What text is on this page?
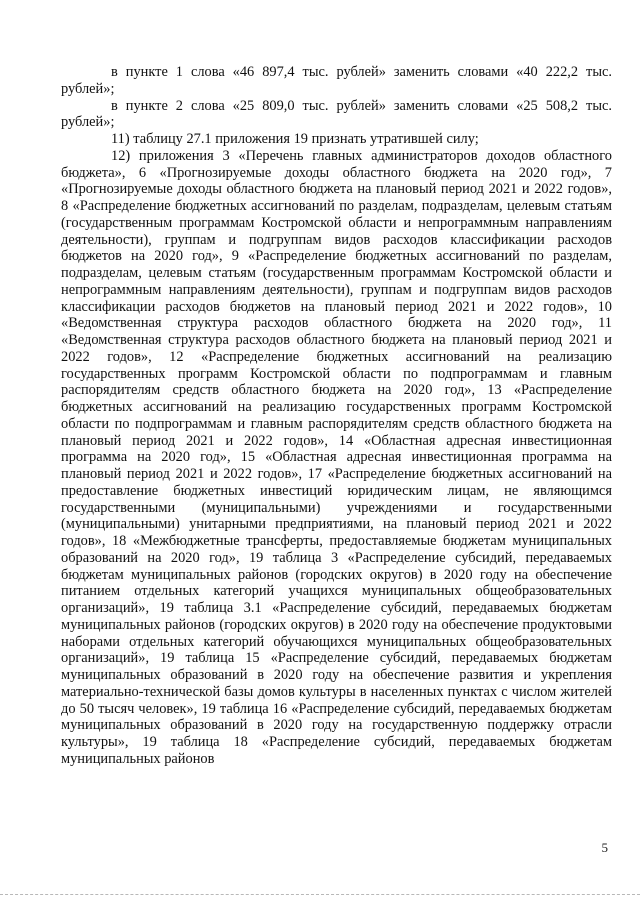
в пункте 1 слова «46 897,4 тыс. рублей» заменить словами «40 222,2 тыс. рублей»;

в пункте 2 слова «25 809,0 тыс. рублей» заменить словами «25 508,2 тыс. рублей»;

11) таблицу 27.1 приложения 19 признать утратившей силу;

12) приложения 3 «Перечень главных администраторов доходов областного бюджета», 6 «Прогнозируемые доходы областного бюджета на 2020 год», 7 «Прогнозируемые доходы областного бюджета на плановый период 2021 и 2022 годов», 8 «Распределение бюджетных ассигнований по разделам, подразделам, целевым статьям (государственным программам Костромской области и непрограммным направлениям деятельности), группам и подгруппам видов расходов классификации расходов бюджетов на 2020 год», 9 «Распределение бюджетных ассигнований по разделам, подразделам, целевым статьям (государственным программам Костромской области и непрограммным направлениям деятельности), группам и подгруппам видов расходов классификации расходов бюджетов на плановый период 2021 и 2022 годов», 10 «Ведомственная структура расходов областного бюджета на 2020 год», 11 «Ведомственная структура расходов областного бюджета на плановый период 2021 и 2022 годов», 12 «Распределение бюджетных ассигнований на реализацию государственных программ Костромской области по подпрограммам и главным распорядителям средств областного бюджета на 2020 год», 13 «Распределение бюджетных ассигнований на реализацию государственных программ Костромской области по подпрограммам и главным распорядителям средств областного бюджета на плановый период 2021 и 2022 годов», 14 «Областная адресная инвестиционная программа на 2020 год», 15 «Областная адресная инвестиционная программа на плановый период 2021 и 2022 годов», 17 «Распределение бюджетных ассигнований на предоставление бюджетных инвестиций юридическим лицам, не являющимся государственными (муниципальными) учреждениями и государственными (муниципальными) унитарными предприятиями, на плановый период 2021 и 2022 годов», 18 «Межбюджетные трансферты, предоставляемые бюджетам муниципальных образований на 2020 год», 19 таблица 3 «Распределение субсидий, передаваемых бюджетам муниципальных районов (городских округов) в 2020 году на обеспечение питанием отдельных категорий учащихся муниципальных общеобразовательных организаций», 19 таблица 3.1 «Распределение субсидий, передаваемых бюджетам муниципальных районов (городских округов) в 2020 году на обеспечение продуктовыми наборами отдельных категорий обучающихся муниципальных общеобразовательных организаций», 19 таблица 15 «Распределение субсидий, передаваемых бюджетам муниципальных образований в 2020 году на обеспечение развития и укрепления материально-технической базы домов культуры в населенных пунктах с числом жителей до 50 тысяч человек», 19 таблица 16 «Распределение субсидий, передаваемых бюджетам муниципальных образований в 2020 году на государственную поддержку отрасли культуры», 19 таблица 18 «Распределение субсидий, передаваемых бюджетам муниципальных районов

5
